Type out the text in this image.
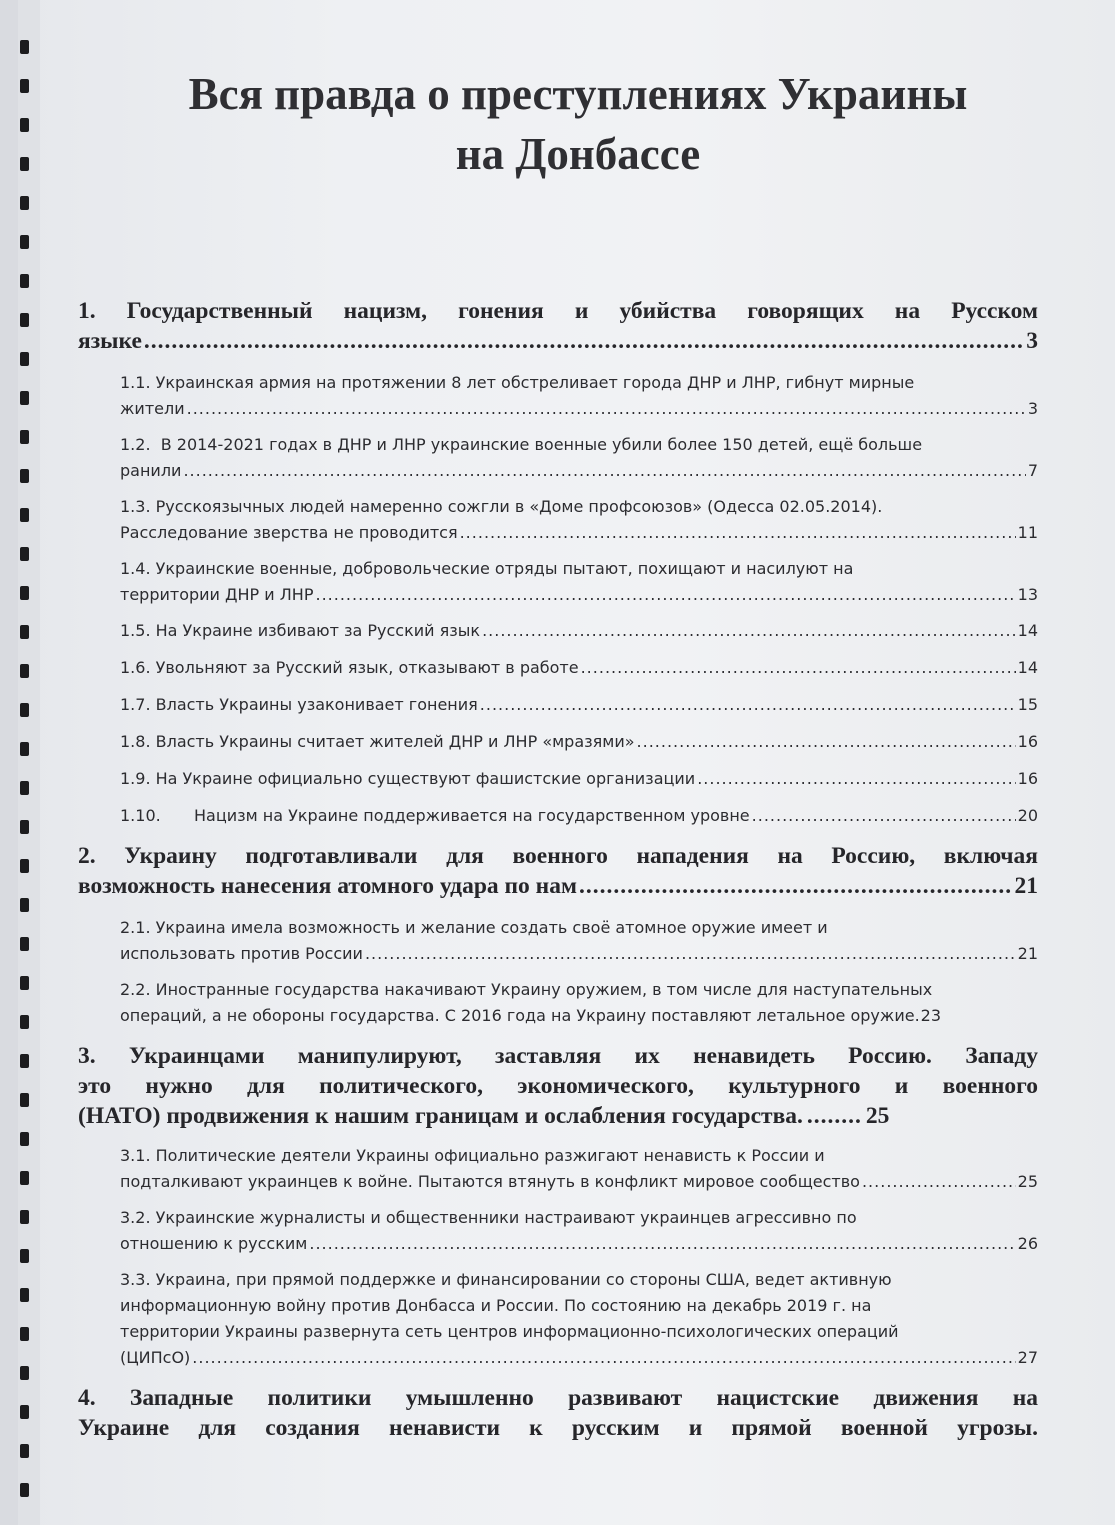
Вся правда о преступлениях Украины
на Донбассе

1. Государственный нацизм, гонения и убийства говорящих на Русском

языке .....	3

1.1. Украинская армия на протяжении 8 лет обстреливает города ДНР и ЛНР, гибнут мирные

жители .....	3

1.2. В 2014-2021 годах в ДНР и ЛНР украинские военные убили более 150 детей, ещё больше

ранили .....	7

1.3. Русскоязычных людей намеренно сожгли в «Доме профсоюзов» (Одесса 02.05.2014).

Расследование зверства не проводится .....	11

1.4. Украинские военные, добровольческие отряды пытают, похищают и насилуют на

территории ДНР и ЛНР .....	13
1.5. На Украине избивают за Русский язык .....	14
1.6. Увольняют за Русский язык, отказывают в работе .....	14
1.7. Власть Украины узаконивает гонения .....	15
1.8. Власть Украины считает жителей ДНР и ЛНР «мразями» .....	16
1.9. На Украине официально существуют фашистские организации .....	16
1.10. Нацизм на Украине поддерживается на государственном уровне .....	20

2. Украину подготавливали для военного нападения на Россию, включая

возможность нанесения атомного удара по нам .....	21

2.1. Украина имела возможность и желание создать своё атомное оружие имеет и

использовать против России .....	21

2.2. Иностранные государства накачивают Украину оружием, в том числе для наступательных

операций, а не обороны государства. С 2016 года на Украину поставляют летальное оружие . 23

3. Украинцами манипулируют, заставляя их ненавидеть Россию. Западу

это нужно для политического, экономического, культурного и военного

(НАТО) продвижения к нашим границам и ослабления государства. ........ 25

3.1. Политические деятели Украины официально разжигают ненависть к России и

подталкивают украинцев к войне. Пытаются втянуть в конфликт мировое сообщество .....	25

3.2. Украинские журналисты и общественники настраивают украинцев агрессивно по

отношению к русским .....	26

3.3. Украина, при прямой поддержке и финансировании со стороны США, ведет активную

информационную войну против Донбасса и России. По состоянию на декабрь 2019 г. на

территории Украины развернута сеть центров информационно-психологических операций

(ЦИПсО) .....	27

4. Западные политики умышленно развивают нацистские движения на

Украине для создания ненависти к русским и прямой военной угрозы.
